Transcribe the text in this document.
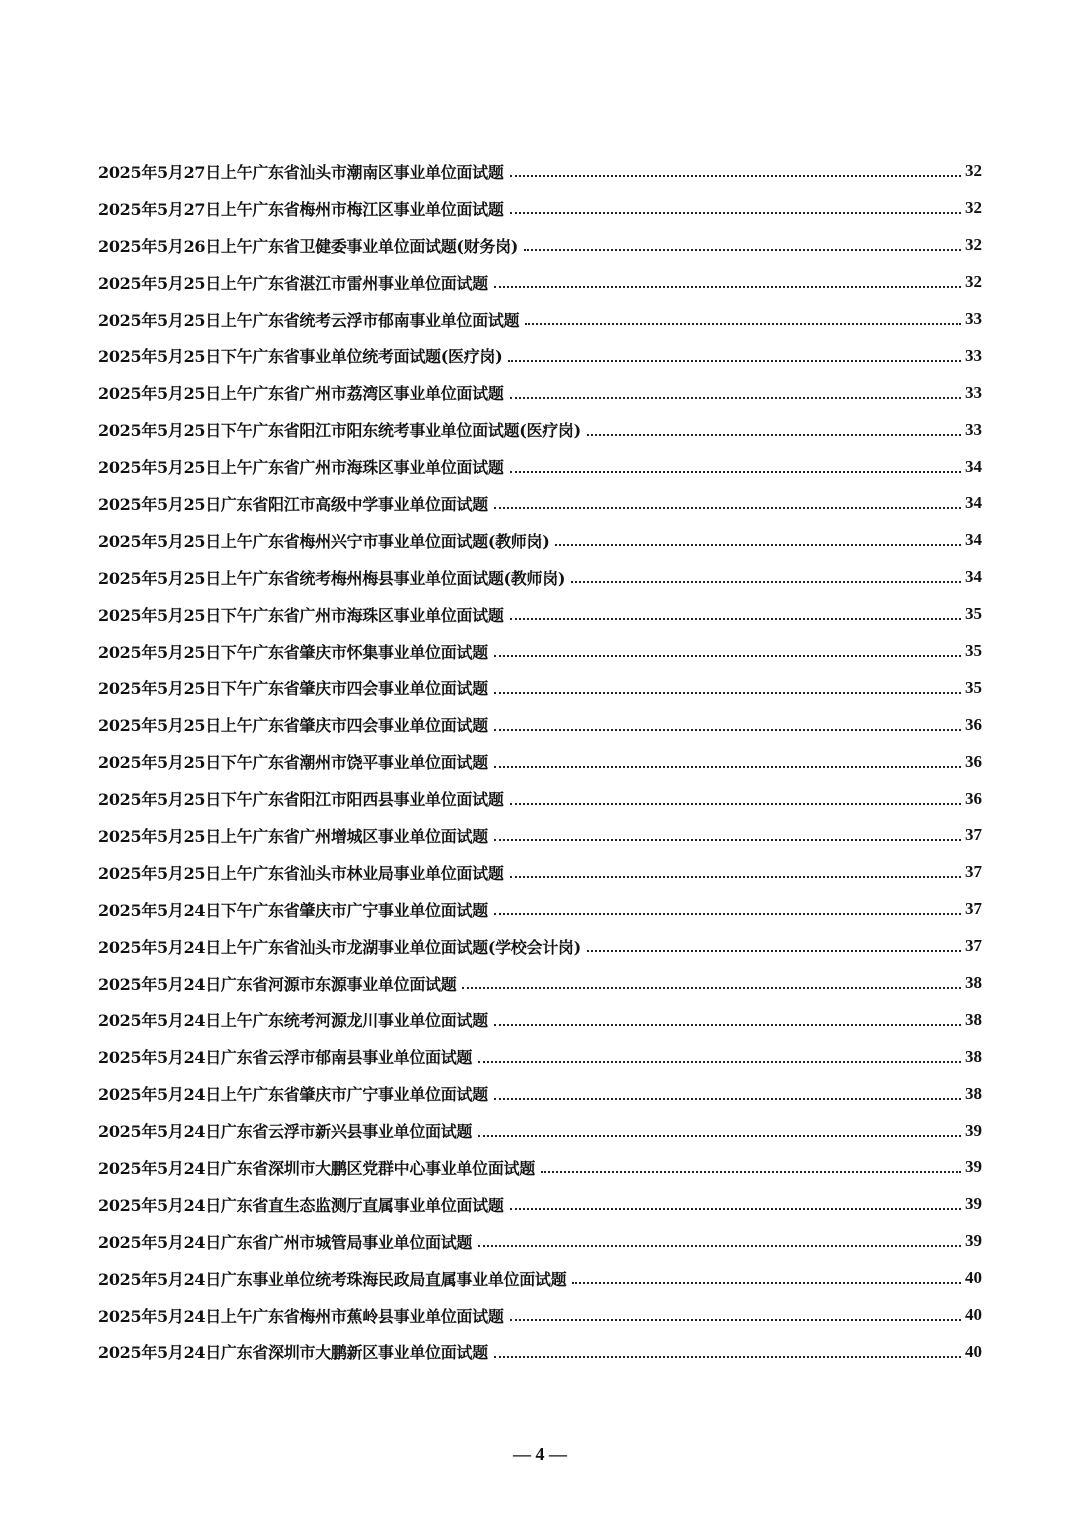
2025年5月27日上午广东省汕头市潮南区事业单位面试题	32
2025年5月27日上午广东省梅州市梅江区事业单位面试题	32
2025年5月26日上午广东省卫健委事业单位面试题(财务岗)	32
2025年5月25日上午广东省湛江市雷州事业单位面试题	32
2025年5月25日上午广东省统考云浮市郁南事业单位面试题	33
2025年5月25日下午广东省事业单位统考面试题(医疗岗)	33
2025年5月25日上午广东省广州市荔湾区事业单位面试题	33
2025年5月25日下午广东省阳江市阳东统考事业单位面试题(医疗岗)	33
2025年5月25日上午广东省广州市海珠区事业单位面试题	34
2025年5月25日广东省阳江市高级中学事业单位面试题	34
2025年5月25日上午广东省梅州兴宁市事业单位面试题(教师岗)	34
2025年5月25日上午广东省统考梅州梅县事业单位面试题(教师岗)	34
2025年5月25日下午广东省广州市海珠区事业单位面试题	35
2025年5月25日下午广东省肇庆市怀集事业单位面试题	35
2025年5月25日下午广东省肇庆市四会事业单位面试题	35
2025年5月25日上午广东省肇庆市四会事业单位面试题	36
2025年5月25日下午广东省潮州市饶平事业单位面试题	36
2025年5月25日下午广东省阳江市阳西县事业单位面试题	36
2025年5月25日上午广东省广州增城区事业单位面试题	37
2025年5月25日上午广东省汕头市林业局事业单位面试题	37
2025年5月24日下午广东省肇庆市广宁事业单位面试题	37
2025年5月24日上午广东省汕头市龙湖事业单位面试题(学校会计岗)	37
2025年5月24日广东省河源市东源事业单位面试题	38
2025年5月24日上午广东统考河源龙川事业单位面试题	38
2025年5月24日广东省云浮市郁南县事业单位面试题	38
2025年5月24日上午广东省肇庆市广宁事业单位面试题	38
2025年5月24日广东省云浮市新兴县事业单位面试题	39
2025年5月24日广东省深圳市大鹏区党群中心事业单位面试题	39
2025年5月24日广东省直生态监测厅直属事业单位面试题	39
2025年5月24日广东省广州市城管局事业单位面试题	39
2025年5月24日广东事业单位统考珠海民政局直属事业单位面试题	40
2025年5月24日上午广东省梅州市蕉岭县事业单位面试题	40
2025年5月24日广东省深圳市大鹏新区事业单位面试题	40
— 4 —
